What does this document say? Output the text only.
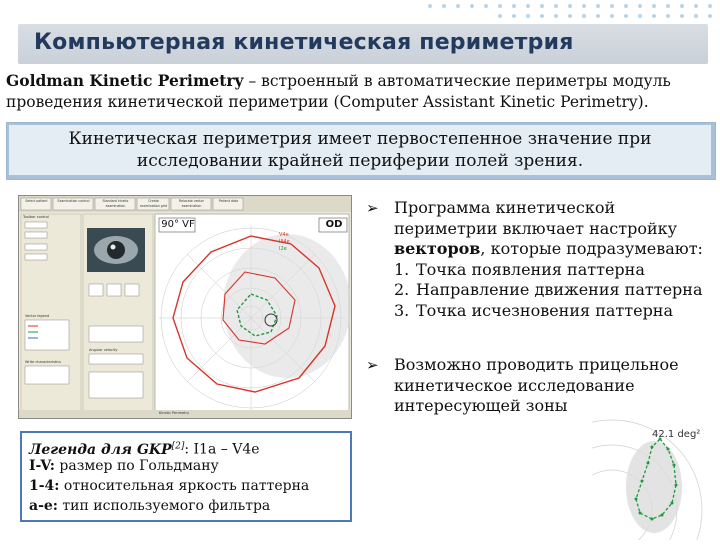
Компьютерная кинетическая периметрия
Goldman Kinetic Perimetry – встроенный в автоматические периметры модуль проведения кинетической периметрии (Computer Assistant Kinetic Perimetry).
Кинетическая периметрия имеет первостепенное значение при исследовании крайней периферии полей зрения.
V4e
III4e
I2e
90° VF	OD
Select patient	Examination control	Standard kinetic examination
Create examination grid
Relocate vector examination
Patient data
Toolbar control
Vector legend
Write characteristics
Angular velocity
Kinetic Perimetry
➢ Программа кинетической периметрии включает настройку векторов, которые подразумевают:
1. Точка появления паттерна
2. Направление движения паттерна
3. Точка исчезновения паттерна
➢ Возможно проводить прицельное кинетическое исследование интересующей зоны
Легенда для GKP[2]: I1a – V4e
I-V: размер по Гольдману
1-4: относительная яркость паттерна
a-e: тип используемого фильтра
42.1 deg²
